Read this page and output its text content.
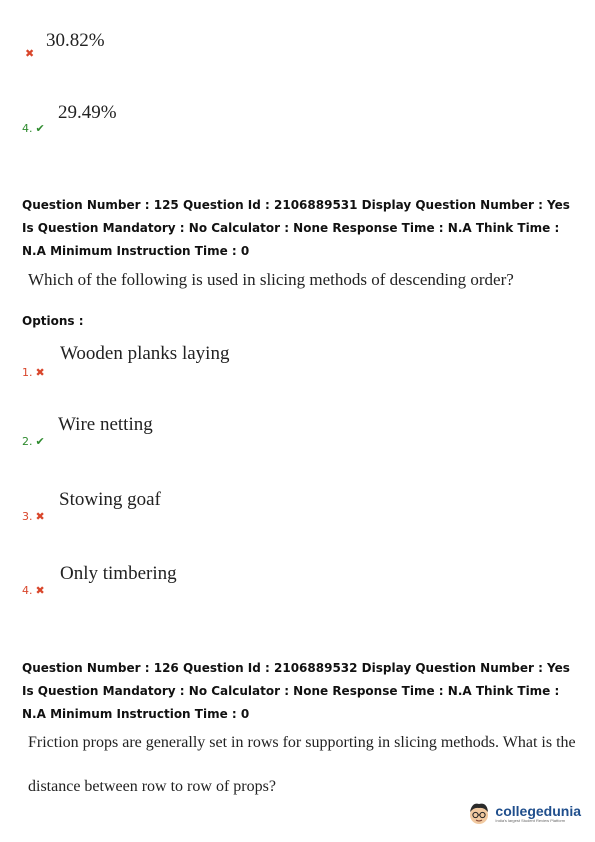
✖
30.82%
4. ✔
29.49%
Question Number : 125 Question Id : 2106889531 Display Question Number : Yes Is Question Mandatory : No Calculator : None Response Time : N.A Think Time : N.A Minimum Instruction Time : 0
Which of the following is used in slicing methods of descending order?
Options :
1. ✖
Wooden planks laying
2. ✔
Wire netting
3. ✖
Stowing goaf
4. ✖
Only timbering
Question Number : 126 Question Id : 2106889532 Display Question Number : Yes Is Question Mandatory : No Calculator : None Response Time : N.A Think Time : N.A Minimum Instruction Time : 0
Friction props are generally set in rows for supporting in slicing methods. What is the
distance between row to row of props?
collegedunia
India's largest Student Review Platform
